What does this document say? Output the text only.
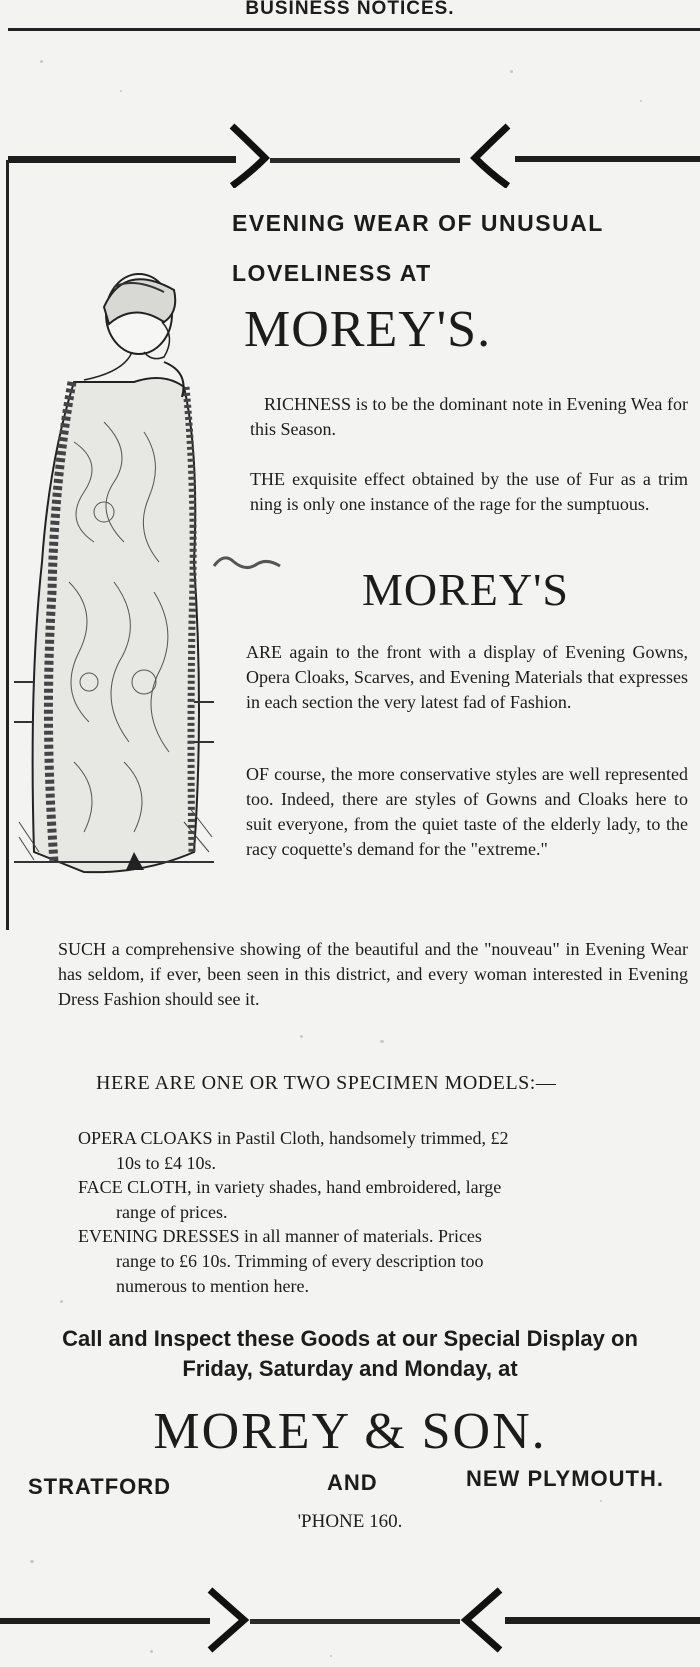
BUSINESS NOTICES.
EVENING WEAR OF UNUSUAL
LOVELINESS AT
MOREY'S.
RICHNESS is to be the dominant note in Evening Wea for this Season.
THE exquisite effect obtained by the use of Fur as a trim ning is only one instance of the rage for the sumptuous.
MOREY'S
ARE again to the front with a display of Evening Gowns, Opera Cloaks, Scarves, and Evening Materials that expresses in each section the very latest fad of Fashion.
OF course, the more conservative styles are well represented too. Indeed, there are styles of Gowns and Cloaks here to suit everyone, from the quiet taste of the elderly lady, to the racy coquette's demand for the "extreme."
SUCH a comprehensive showing of the beautiful and the "nouveau" in Evening Wear has seldom, if ever, been seen in this district, and every woman interested in Evening Dress Fashion should see it.
HERE ARE ONE OR TWO SPECIMEN MODELS:—
OPERA CLOAKS in Pastil Cloth, handsomely trimmed, £2
10s to £4 10s.
FACE CLOTH, in variety shades, hand embroidered, large
range of prices.
EVENING DRESSES in all manner of materials. Prices
range to £6 10s. Trimming of every description too
numerous to mention here.
Call and Inspect these Goods at our Special Display on
Friday, Saturday and Monday, at
MOREY & SON.
STRATFORD	AND	NEW PLYMOUTH.
'PHONE 160.
